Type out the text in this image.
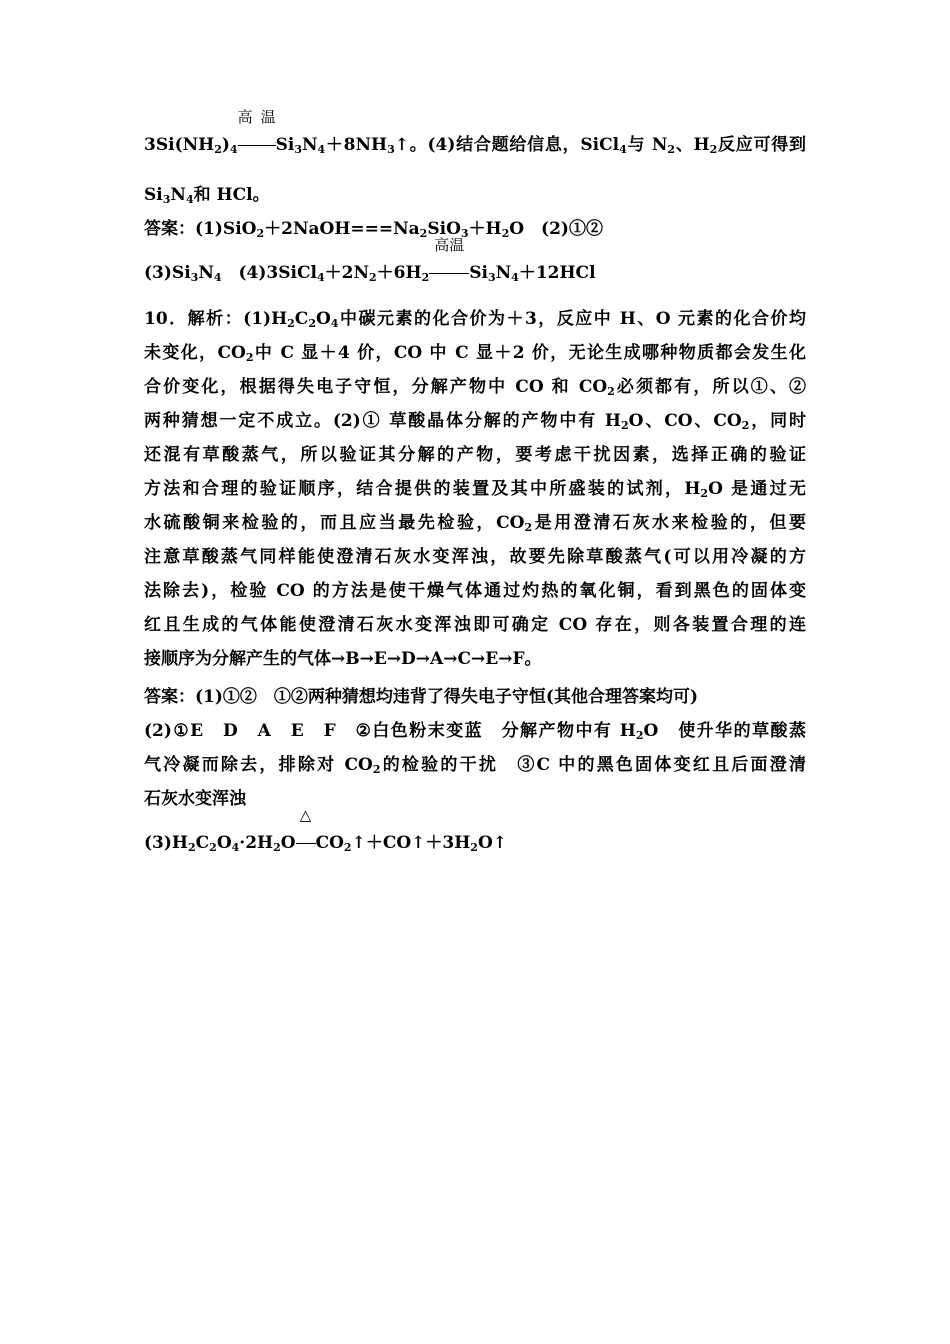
$3Si(NH_2)_4$
高温
$Si_3N_4+8NH_3↑$。(4)结合题给信息，SiCl$_4$与 $N_2$、$H_2$反应可得到
$Si_3N_4$和 HCl。
答案：$(1)SiO_2+2NaOH===Na_2SiO_3+H_2O$　(2)①②
$(3)Si_3N_4$　$(4)3SiCl_4+2N_2+6H_2$
高温
$Si_3N_4+12HCl$
10．解析：$(1)H_2C_2O_4$中碳元素的化合价为＋3，反应中 H、O 元素的化合价均
未变化，$CO_2$中 C 显＋4 价，CO 中 C 显＋2 价，无论生成哪种物质都会发生化
合价变化，根据得失电子守恒，分解产物中 CO 和 $CO_2$必须都有，所以①、②
两种猜想一定不成立。(2)① 草酸晶体分解的产物中有 $H_2O$、CO、$CO_2$，同时
还混有草酸蒸气，所以验证其分解的产物，要考虑干扰因素，选择正确的验证
方法和合理的验证顺序，结合提供的装置及其中所盛装的试剂，$H_2O$ 是通过无
水硫酸铜来检验的，而且应当最先检验，$CO_2$是用澄清石灰水来检验的，但要
注意草酸蒸气同样能使澄清石灰水变浑浊，故要先除草酸蒸气(可以用冷凝的方
法除去)，检验 CO 的方法是使干燥气体通过灼热的氧化铜，看到黑色的固体变
红且生成的气体能使澄清石灰水变浑浊即可确定 CO 存在，则各装置合理的连
接顺序为分解产生的气体→B→E→D→A→C→E→F。
答案：(1)①②　①②两种猜想均违背了得失电子守恒(其他合理答案均可)
(2)①E　D　A　E　F　②白色粉末变蓝　分解产物中有 $H_2O$　使升华的草酸蒸
气冷凝而除去，排除对 $CO_2$的检验的干扰　③C 中的黑色固体变红且后面澄清
石灰水变浑浊
$(3)H_2C_2O_4\cdot 2H_2O$
△
$CO_2↑+CO↑+3H_2O↑$
